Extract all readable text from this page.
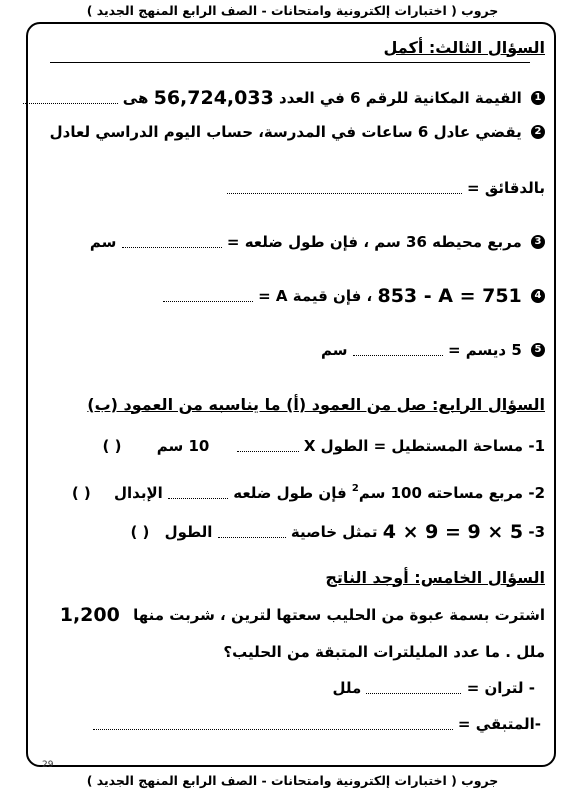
جروب ( اختبارات إلكترونية وامتحانات - الصف الرابع المنهج الجديد )
السؤال الثالث: أكمل
1 القيمة المكانية للرقم 6 في العدد 56,724,033 هى
2 يقضي عادل 6 ساعات في المدرسة، حساب اليوم الدراسي لعادل
بالدقائق =
3 مربع محيطه 36 سم ، فإن طول ضلعه =  سم
4 853 - A = 751 ، فإن قيمة A =
5 5 ديسم =  سم
السؤال الرابع: صل من العمود (أ) ما يناسبه من العمود (ب)
1- مساحة المستطيل = الطول X  10 سم ( )
2- مربع مساحته 100 سم$^2$ فإن طول ضلعه  الإبدال ( )
3- 4 × 9 = 9 × 5 تمثل خاصية  الطول ( )
السؤال الخامس: أوجد الناتج
اشترت بسمة عبوة من الحليب سعتها لترين ، شربت منها 1,200
ملل . ما عدد المليلترات المتبقة من الحليب؟
- لتران =  ملل
-المتبقي =
29
جروب ( اختبارات إلكترونية وامتحانات - الصف الرابع المنهج الجديد )
